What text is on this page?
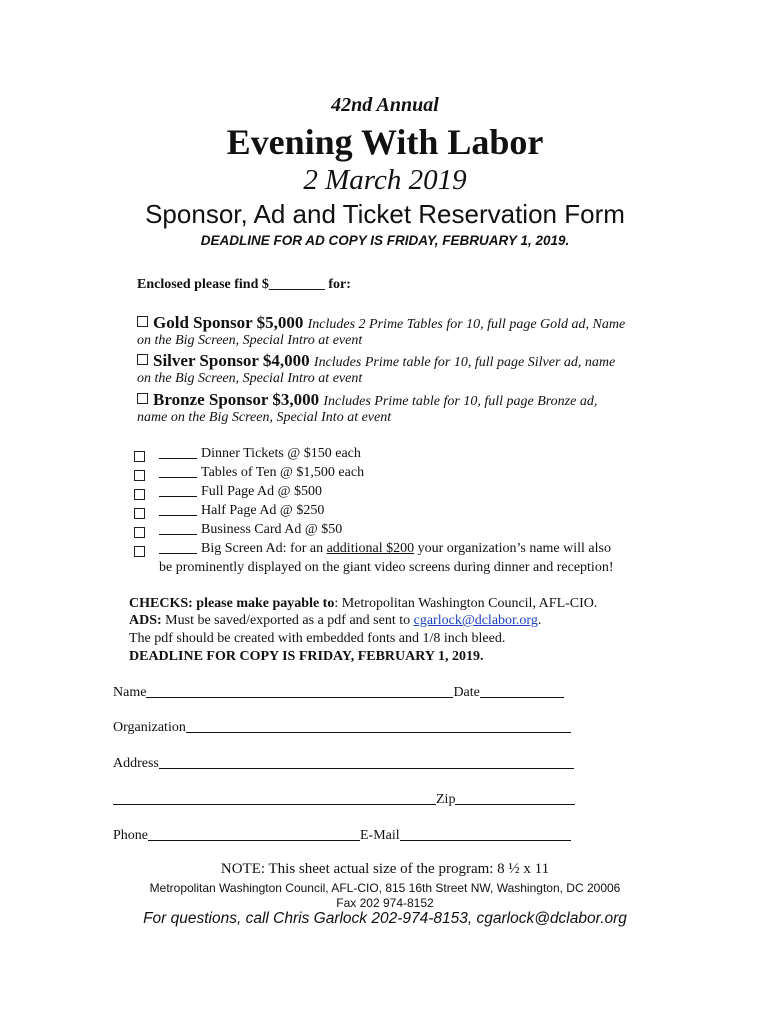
42nd Annual
Evening With Labor
2 March 2019
Sponsor, Ad and Ticket Reservation Form
DEADLINE FOR AD COPY IS FRIDAY, FEBRUARY 1, 2019.
Enclosed please find $________ for:
Gold Sponsor $5,000 Includes 2 Prime Tables for 10, full page Gold ad, Name
on the Big Screen, Special Intro at event
Silver Sponsor $4,000 Includes Prime table for 10, full page Silver ad, name
on the Big Screen, Special Intro at event
Bronze Sponsor $3,000 Includes Prime table for 10, full page Bronze ad,
name on the Big Screen, Special Into at event
Dinner Tickets @ $150 each
Tables of Ten @ $1,500 each
Full Page Ad @ $500
Half Page Ad @ $250
Business Card Ad @ $50
Big Screen Ad: for an additional $200 your organization’s name will also
be prominently displayed on the giant video screens during dinner and reception!
CHECKS: please make payable to: Metropolitan Washington Council, AFL-CIO.
ADS: Must be saved/exported as a pdf and sent to cgarlock@dclabor.org.
The pdf should be created with embedded fonts and 1/8 inch bleed.
DEADLINE FOR COPY IS FRIDAY, FEBRUARY 1, 2019.
Name	Date
Organization
Address
Zip
Phone	E-Mail
NOTE: This sheet actual size of the program: 8 ½ x 11
Metropolitan Washington Council, AFL-CIO, 815 16th Street NW, Washington, DC 20006
Fax 202 974-8152
For questions, call Chris Garlock 202-974-8153, cgarlock@dclabor.org
